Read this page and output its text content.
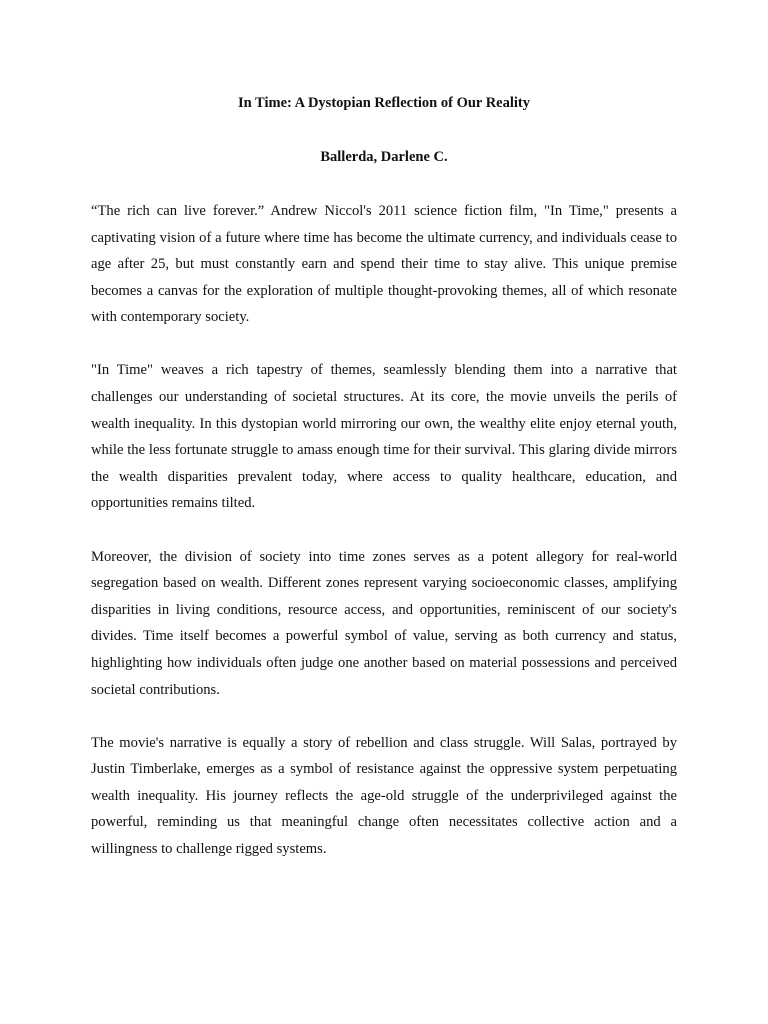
In Time: A Dystopian Reflection of Our Reality
Ballerda, Darlene C.

“The rich can live forever.” Andrew Niccol's 2011 science fiction film, "In Time," presents a captivating vision of a future where time has become the ultimate currency, and individuals cease to age after 25, but must constantly earn and spend their time to stay alive. This unique premise becomes a canvas for the exploration of multiple thought-provoking themes, all of which resonate with contemporary society.

"In Time" weaves a rich tapestry of themes, seamlessly blending them into a narrative that challenges our understanding of societal structures. At its core, the movie unveils the perils of wealth inequality. In this dystopian world mirroring our own, the wealthy elite enjoy eternal youth, while the less fortunate struggle to amass enough time for their survival. This glaring divide mirrors the wealth disparities prevalent today, where access to quality healthcare, education, and opportunities remains tilted.

Moreover, the division of society into time zones serves as a potent allegory for real-world segregation based on wealth. Different zones represent varying socioeconomic classes, amplifying disparities in living conditions, resource access, and opportunities, reminiscent of our society's divides. Time itself becomes a powerful symbol of value, serving as both currency and status, highlighting how individuals often judge one another based on material possessions and perceived societal contributions.

The movie's narrative is equally a story of rebellion and class struggle. Will Salas, portrayed by Justin Timberlake, emerges as a symbol of resistance against the oppressive system perpetuating wealth inequality. His journey reflects the age-old struggle of the underprivileged against the powerful, reminding us that meaningful change often necessitates collective action and a willingness to challenge rigged systems.
